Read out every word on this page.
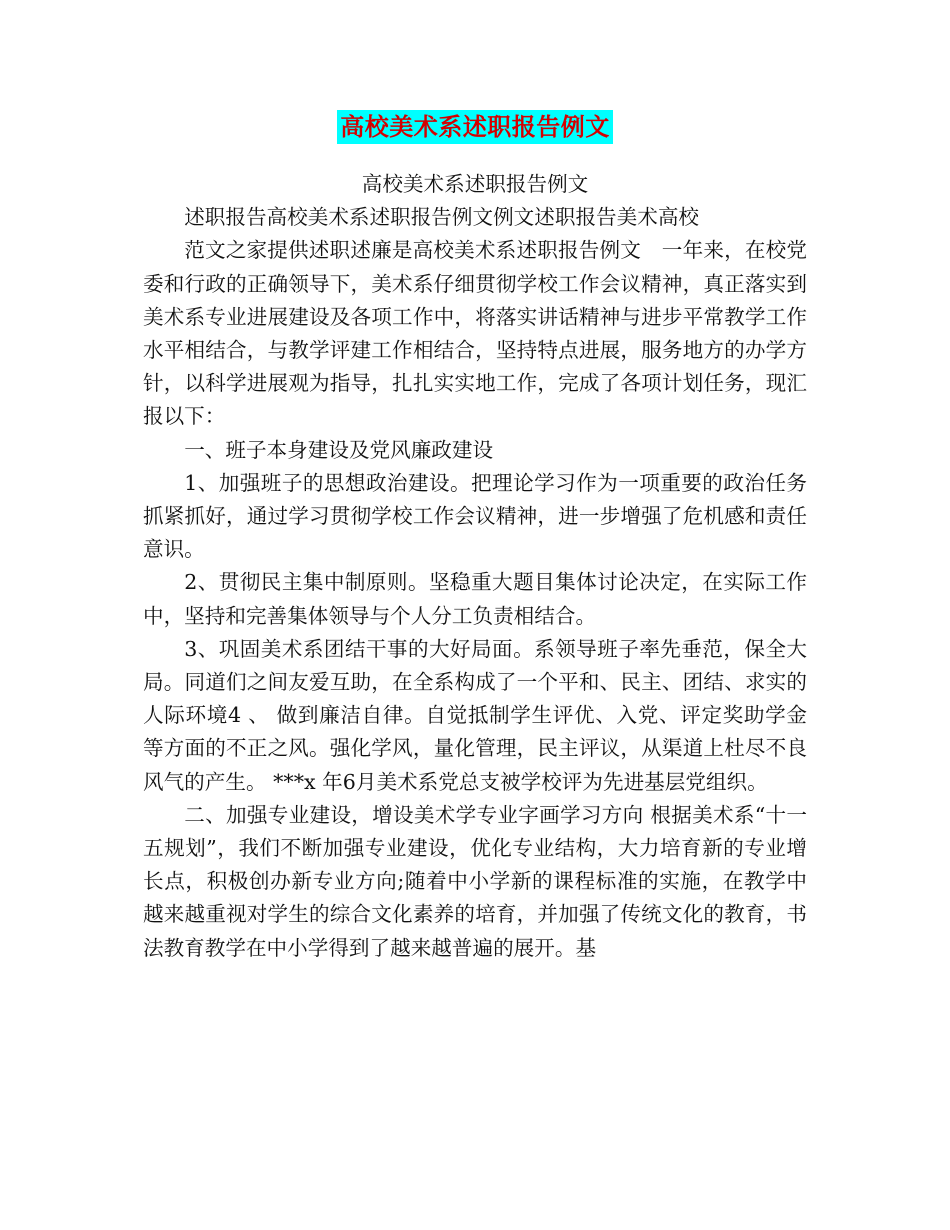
高校美术系述职报告例文

高校美术系述职报告例文

述职报告高校美术系述职报告例文例文述职报告美术高校

范文之家提供述职述廉是高校美术系述职报告例文　一年来，在校党委和行政的正确领导下，美术系仔细贯彻学校工作会议精神，真正落实到美术系专业进展建设及各项工作中，将落实讲话精神与进步平常教学工作水平相结合，与教学评建工作相结合，坚持特点进展，服务地方的办学方针，以科学进展观为指导，扎扎实实地工作，完成了各项计划任务，现汇报以下：

一、班子本身建设及党风廉政建设

1、加强班子的思想政治建设。把理论学习作为一项重要的政治任务抓紧抓好，通过学习贯彻学校工作会议精神，进一步增强了危机感和责任意识。

2、贯彻民主集中制原则。坚稳重大题目集体讨论决定，在实际工作中，坚持和完善集体领导与个人分工负责相结合。

3、巩固美术系团结干事的大好局面。系领导班子率先垂范，保全大局。同道们之间友爱互助，在全系构成了一个平和、民主、团结、求实的人际环境4 、 做到廉洁自律。自觉抵制学生评优、入党、评定奖助学金等方面的不正之风。强化学风，量化管理，民主评议，从渠道上杜尽不良风气的产生。 ***x 年6月美术系党总支被学校评为先进基层党组织。

二、加强专业建设，增设美术学专业字画学习方向 根据美术系“十一五规划”，我们不断加强专业建设，优化专业结构，大力培育新的专业增长点，积极创办新专业方向;随着中小学新的课程标准的实施，在教学中越来越重视对学生的综合文化素养的培育，并加强了传统文化的教育，书法教育教学在中小学得到了越来越普遍的展开。基
